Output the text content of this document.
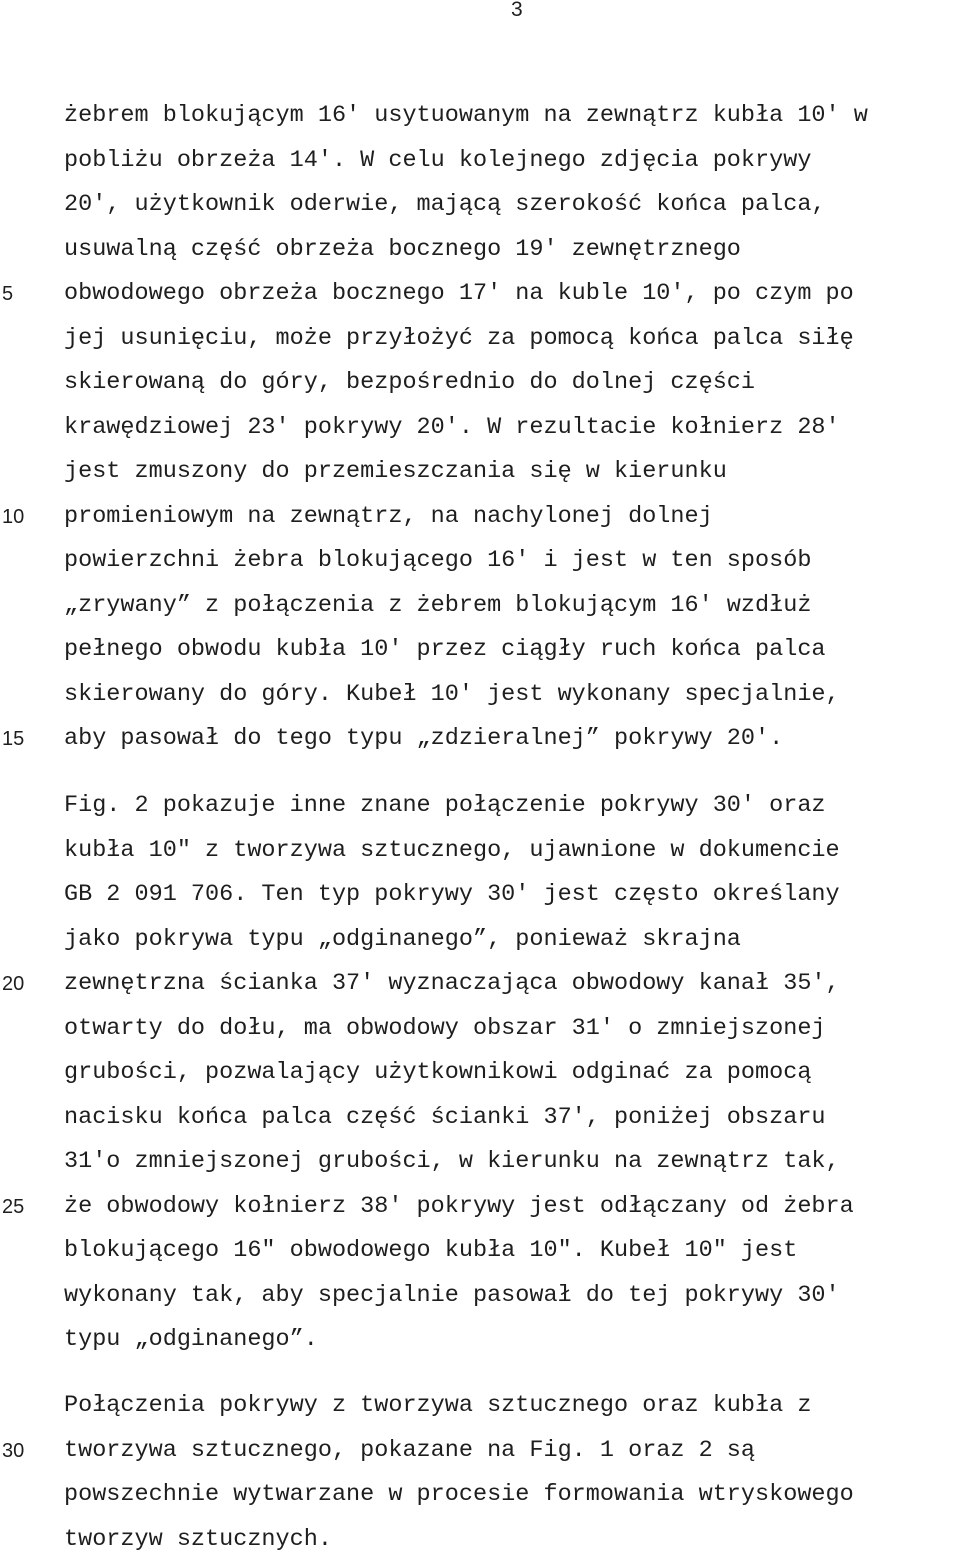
3
5
10
15
20
25
30
żebrem blokującym 16′ usytuowanym na zewnątrz kubła 10′ w
pobliżu obrzeża 14′. W celu kolejnego zdjęcia pokrywy
20′, użytkownik oderwie, mającą szerokość końca palca,
usuwalną część obrzeża bocznego 19′ zewnętrznego
obwodowego obrzeża bocznego 17′ na kuble 10′, po czym po
jej usunięciu, może przyłożyć za pomocą końca palca siłę
skierowaną do góry, bezpośrednio do dolnej części
krawędziowej 23′ pokrywy 20′. W rezultacie kołnierz 28′
jest zmuszony do przemieszczania się w kierunku
promieniowym na zewnątrz, na nachylonej dolnej
powierzchni żebra blokującego 16′ i jest w ten sposób
„zrywany” z połączenia z żebrem blokującym 16′ wzdłuż
pełnego obwodu kubła 10′ przez ciągły ruch końca palca
skierowany do góry. Kubeł 10′ jest wykonany specjalnie,
aby pasował do tego typu „zdzieralnej” pokrywy 20′.
Fig. 2 pokazuje inne znane połączenie pokrywy 30′ oraz
kubła 10″ z tworzywa sztucznego, ujawnione w dokumencie
GB 2 091 706. Ten typ pokrywy 30′ jest często określany
jako pokrywa typu „odginanego”, ponieważ skrajna
zewnętrzna ścianka 37′ wyznaczająca obwodowy kanał 35′,
otwarty do dołu, ma obwodowy obszar 31′ o zmniejszonej
grubości, pozwalający użytkownikowi odginać za pomocą
nacisku końca palca część ścianki 37′, poniżej obszaru
31′o zmniejszonej grubości, w kierunku na zewnątrz tak,
że obwodowy kołnierz 38′ pokrywy jest odłączany od żebra
blokującego 16″ obwodowego kubła 10″. Kubeł 10″ jest
wykonany tak, aby specjalnie pasował do tej pokrywy 30′
typu „odginanego”.
Połączenia pokrywy z tworzywa sztucznego oraz kubła z
tworzywa sztucznego, pokazane na Fig. 1 oraz 2 są
powszechnie wytwarzane w procesie formowania wtryskowego
tworzyw sztucznych.
